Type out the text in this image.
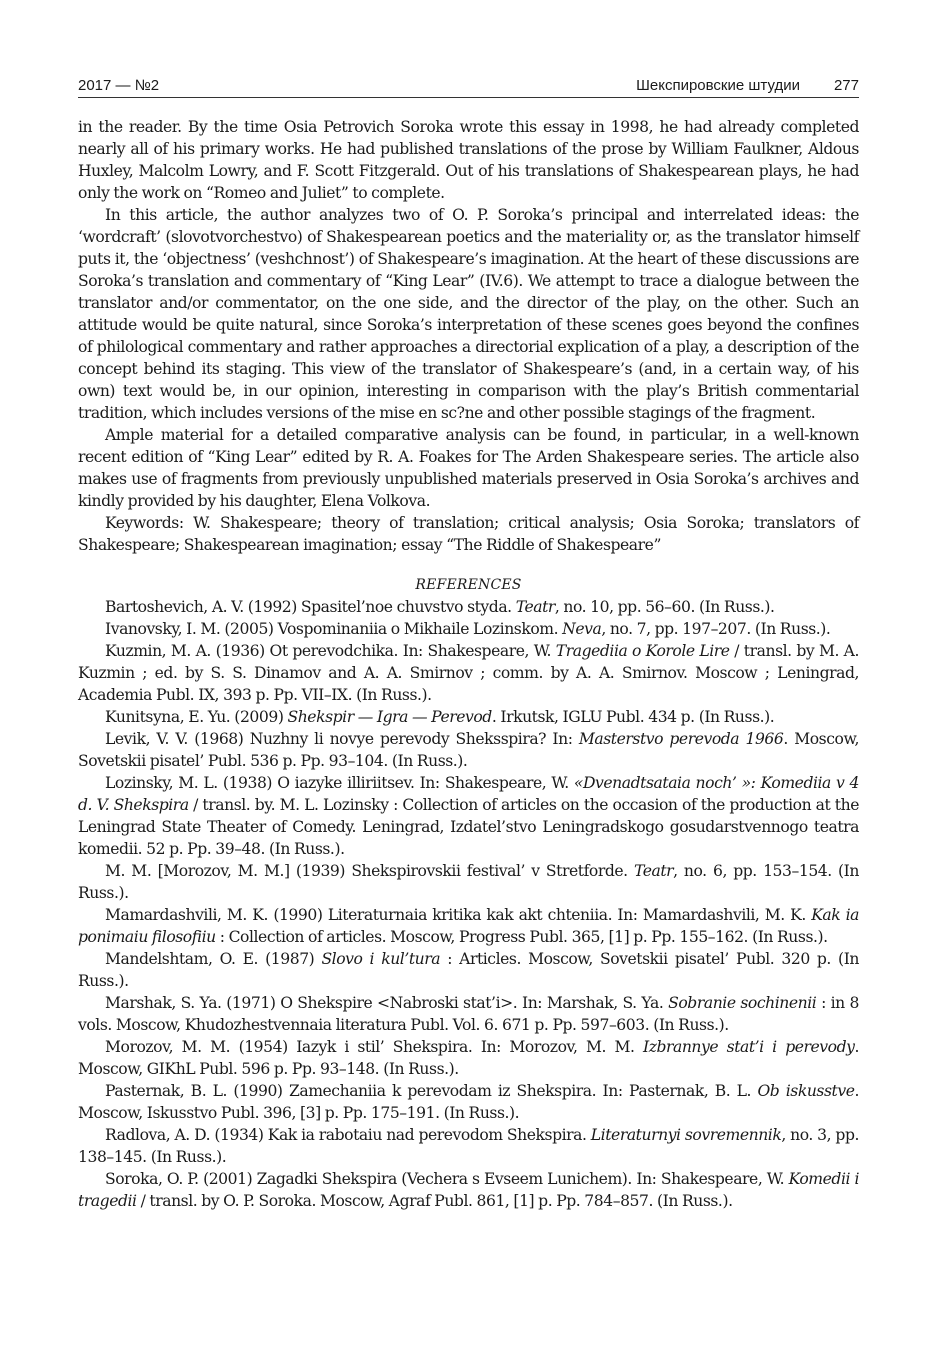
2017 — №2	Шекспировские штудии 277

in the reader. By the time Osia Petrovich Soroka wrote this essay in 1998, he had already completed nearly all of his primary works. He had published translations of the prose by William Faulkner, Aldous Huxley, Malcolm Lowry, and F. Scott Fitzgerald. Out of his translations of Shakespearean plays, he had only the work on “Romeo and Juliet” to complete.

In this article, the author analyzes two of O. P. Soroka’s principal and interrelated ideas: the ‘wordcraft’ (slovotvorchestvo) of Shakespearean poetics and the materiality or, as the translator himself puts it, the ‘objectness’ (veshchnost’) of Shakespeare’s imagination. At the heart of these discussions are Soroka’s translation and commentary of “King Lear” (IV.6). We attempt to trace a dialogue between the translator and/or commentator, on the one side, and the director of the play, on the other. Such an attitude would be quite natural, since Soroka’s interpretation of these scenes goes beyond the confines of philological commentary and rather approaches a directorial explication of a play, a description of the concept behind its staging. This view of the translator of Shakespeare’s (and, in a certain way, of his own) text would be, in our opinion, interesting in comparison with the play’s British commentarial tradition, which includes versions of the mise en sc?ne and other possible stagings of the fragment.

Ample material for a detailed comparative analysis can be found, in particular, in a well-known recent edition of “King Lear” edited by R. A. Foakes for The Arden Shakespeare series. The article also makes use of fragments from previously unpublished materials preserved in Osia Soroka’s archives and kindly provided by his daughter, Elena Volkova.

Keywords: W. Shakespeare; theory of translation; critical analysis; Osia Soroka; translators of Shakespeare; Shakespearean imagination; essay “The Riddle of Shakespeare”

REFERENCES

Bartoshevich, A. V. (1992) Spasitel’noe chuvstvo styda. Teatr, no. 10, pp. 56–60. (In Russ.).

Ivanovsky, I. M. (2005) Vospominaniia o Mikhaile Lozinskom. Neva, no. 7, pp. 197–207. (In Russ.).

Kuzmin, M. A. (1936) Ot perevodchika. In: Shakespeare, W. Tragediia o Korole Lire / transl. by M. A. Kuzmin ; ed. by S. S. Dinamov and A. A. Smirnov ; comm. by A. A. Smirnov. Moscow ; Leningrad, Academia Publ. IX, 393 p. Pp. VII–IX. (In Russ.).

Kunitsyna, E. Yu. (2009) Shekspir — Igra — Perevod. Irkutsk, IGLU Publ. 434 p. (In Russ.).

Levik, V. V. (1968) Nuzhny li novye perevody Sheksspira? In: Masterstvo perevoda 1966. Moscow, Sovetskii pisatel’ Publ. 536 p. Pp. 93–104. (In Russ.).

Lozinsky, M. L. (1938) O iazyke illiriitsev. In: Shakespeare, W. «Dvenadtsataia noch’ »: Komediia v 4 d. V. Shekspira / transl. by. M. L. Lozinsky : Collection of articles on the occasion of the production at the Leningrad State Theater of Comedy. Leningrad, Izdatel’stvo Leningradskogo gosudarstvennogo teatra komedii. 52 p. Pp. 39–48. (In Russ.).

M. M. [Morozov, M. M.] (1939) Shekspirovskii festival’ v Stretforde. Teatr, no. 6, pp. 153–154. (In Russ.).

Mamardashvili, M. K. (1990) Literaturnaia kritika kak akt chteniia. In: Mamardashvili, M. K. Kak ia ponimaiu filosofiiu : Collection of articles. Moscow, Progress Publ. 365, [1] p. Pp. 155–162. (In Russ.).

Mandelshtam, O. E. (1987) Slovo i kul’tura : Articles. Moscow, Sovetskii pisatel’ Publ. 320 p. (In Russ.).

Marshak, S. Ya. (1971) O Shekspire <Nabroski stat’i>. In: Marshak, S. Ya. Sobranie sochinenii : in 8 vols. Moscow, Khudozhestvennaia literatura Publ. Vol. 6. 671 p. Pp. 597–603. (In Russ.).

Morozov, M. M. (1954) Iazyk i stil’ Shekspira. In: Morozov, M. M. Izbrannye stat’i i perevody. Moscow, GIKhL Publ. 596 p. Pp. 93–148. (In Russ.).

Pasternak, B. L. (1990) Zamechaniia k perevodam iz Shekspira. In: Pasternak, B. L. Ob iskusstve. Moscow, Iskusstvo Publ. 396, [3] p. Pp. 175–191. (In Russ.).

Radlova, A. D. (1934) Kak ia rabotaiu nad perevodom Shekspira. Literaturnyi sovremennik, no. 3, pp. 138–145. (In Russ.).

Soroka, O. P. (2001) Zagadki Shekspira (Vechera s Evseem Lunichem). In: Shakespeare, W. Komedii i tragedii / transl. by O. P. Soroka. Moscow, Agraf Publ. 861, [1] p. Pp. 784–857. (In Russ.).
